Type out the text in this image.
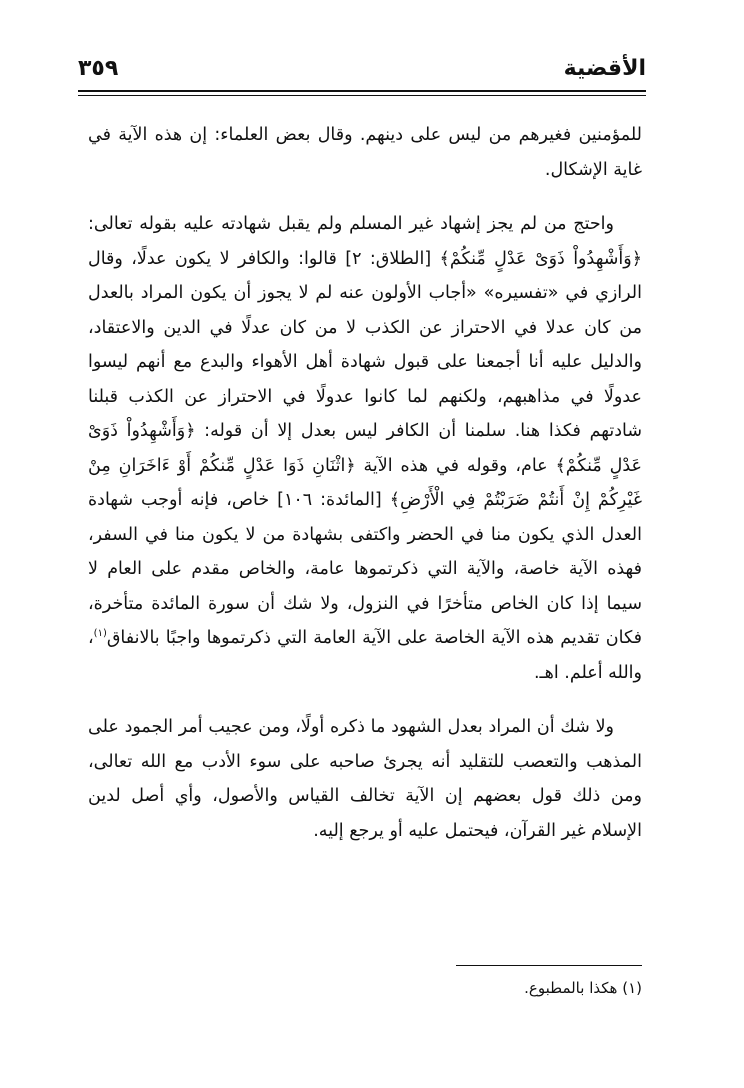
الأقضية
٣٥٩

للمؤمنين فغيرهم من ليس على دينهم. وقال بعض العلماء: إن هذه الآية في غاية الإشكال.

واحتج من لم يجز إشهاد غير المسلم ولم يقبل شهادته عليه بقوله تعالى: ﴿وَأَشْهِدُواْ ذَوَىْ عَدْلٍ مِّنكُمْ﴾ [الطلاق: ٢] قالوا: والكافر لا يكون عدلًا، وقال الرازي في «تفسيره» «أجاب الأولون عنه لم لا يجوز أن يكون المراد بالعدل من كان عدلا في الاحتراز عن الكذب لا من كان عدلًا في الدين والاعتقاد، والدليل عليه أنا أجمعنا على قبول شهادة أهل الأهواء والبدع مع أنهم ليسوا عدولًا في مذاهبهم، ولكنهم لما كانوا عدولًا في الاحتراز عن الكذب قبلنا شادتهم فكذا هنا. سلمنا أن الكافر ليس بعدل إلا أن قوله: ﴿وَأَشْهِدُواْ ذَوَىْ عَدْلٍ مِّنكُمْ﴾ عام، وقوله في هذه الآية ﴿اثْنَانِ ذَوَا عَدْلٍ مِّنكُمْ أَوْ ءَاخَرَانِ مِنْ غَيْرِكُمْ إِنْ أَنتُمْ ضَرَبْتُمْ فِي الْأَرْضِ﴾ [المائدة: ١٠٦] خاص، فإنه أوجب شهادة العدل الذي يكون منا في الحضر واكتفى بشهادة من لا يكون منا في السفر، فهذه الآية خاصة، والآية التي ذكرتموها عامة، والخاص مقدم على العام لا سيما إذا كان الخاص متأخرًا في النزول، ولا شك أن سورة المائدة متأخرة، فكان تقديم هذه الآية الخاصة على الآية العامة التي ذكرتموها واجبًا بالانفاق$^{(١)}$، والله أعلم. اهـ.

ولا شك أن المراد بعدل الشهود ما ذكره أولًا، ومن عجيب أمر الجمود على المذهب والتعصب للتقليد أنه يجرئ صاحبه على سوء الأدب مع الله تعالى، ومن ذلك قول بعضهم إن الآية تخالف القياس والأصول، وأي أصل لدين الإسلام غير القرآن، فيحتمل عليه أو يرجع إليه.

(١) هكذا بالمطبوع.
